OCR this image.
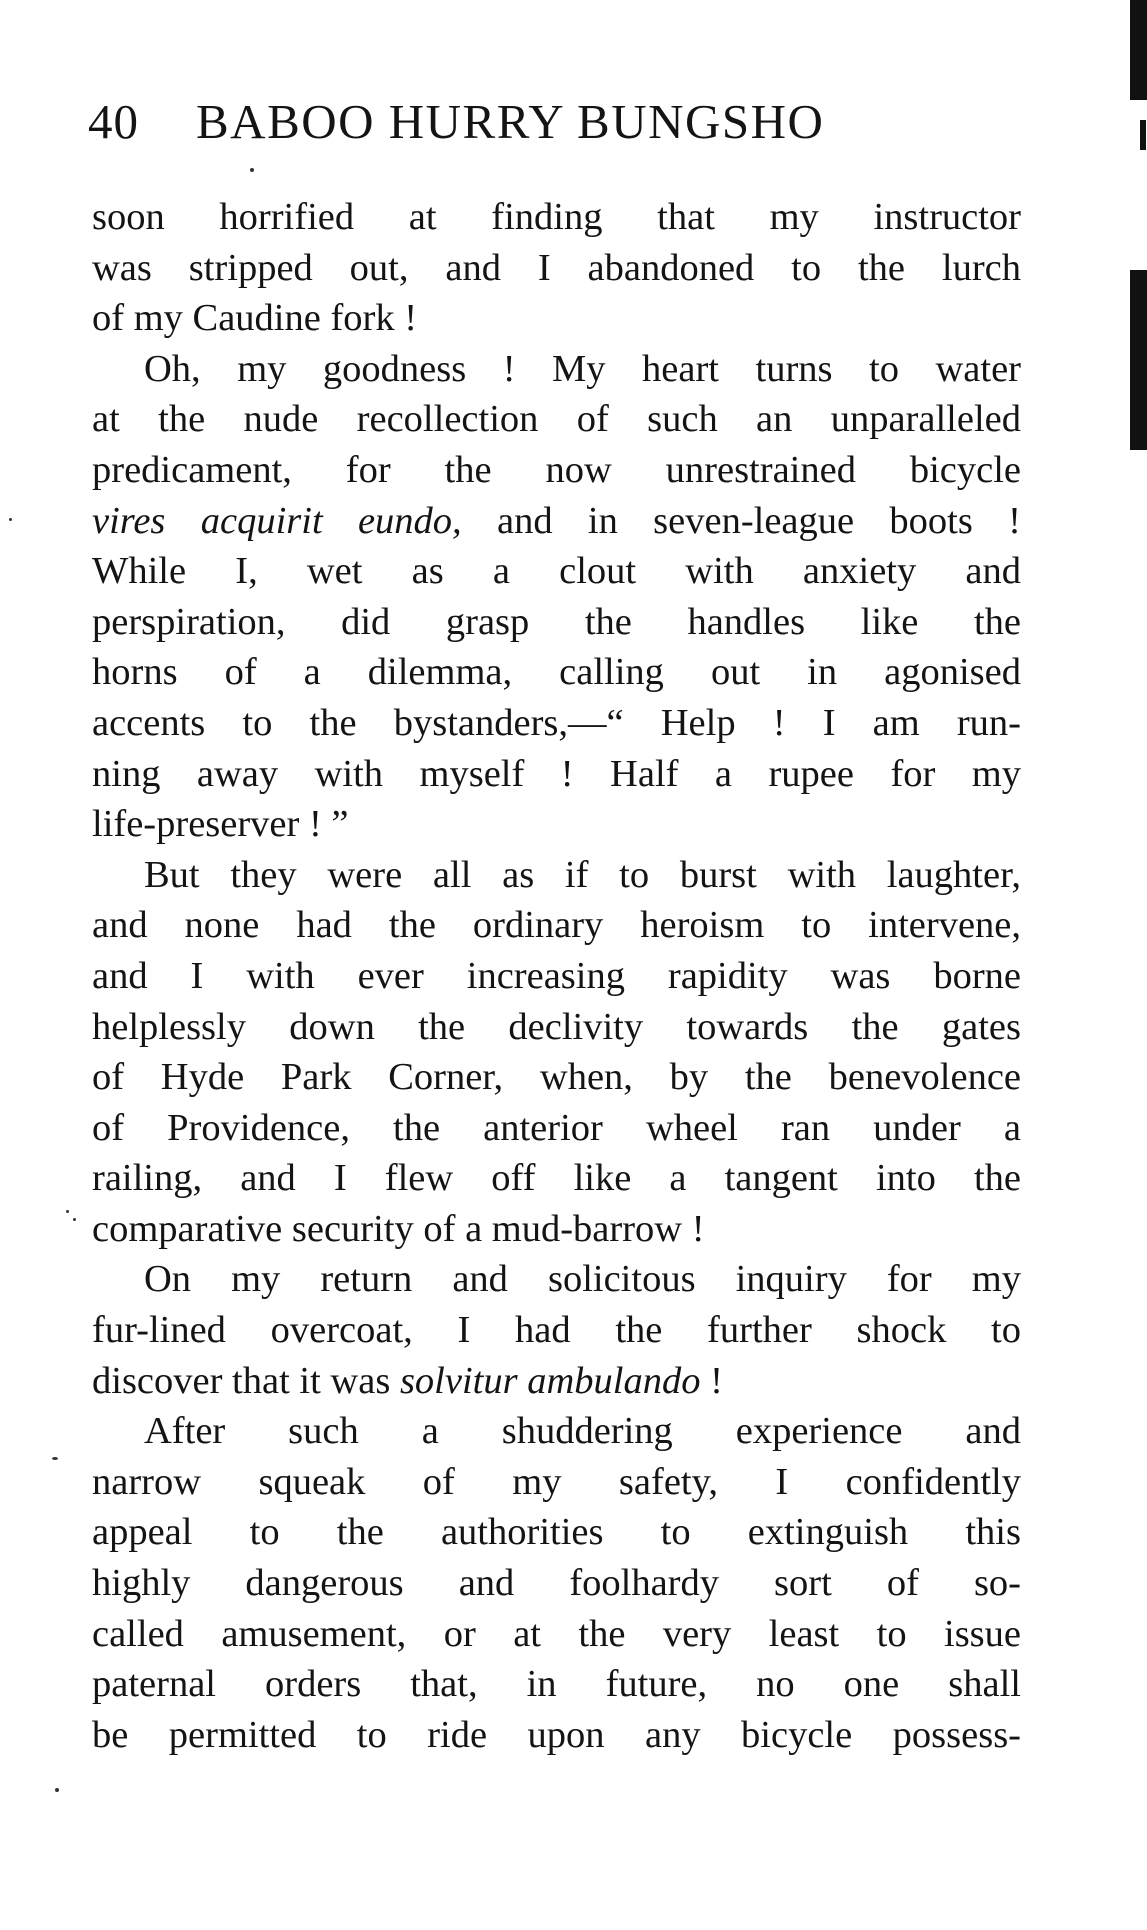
40 BABOO HURRY BUNGSHO
soon horrified at finding that my instructor
was stripped out, and I abandoned to the lurch
of my Caudine fork !
Oh, my goodness ! My heart turns to water
at the nude recollection of such an unparalleled
predicament, for the now unrestrained bicycle
vires acquirit eundo, and in seven-league boots !
While I, wet as a clout with anxiety and
perspiration, did grasp the handles like the
horns of a dilemma, calling out in agonised
accents to the bystanders,—“ Help ! I am run-
ning away with myself ! Half a rupee for my
life-preserver ! ”
But they were all as if to burst with laughter,
and none had the ordinary heroism to intervene,
and I with ever increasing rapidity was borne
helplessly down the declivity towards the gates
of Hyde Park Corner, when, by the benevolence
of Providence, the anterior wheel ran under a
railing, and I flew off like a tangent into the
comparative security of a mud-barrow !
On my return and solicitous inquiry for my
fur-lined overcoat, I had the further shock to
discover that it was solvitur ambulando !
After such a shuddering experience and
narrow squeak of my safety, I confidently
appeal to the authorities to extinguish this
highly dangerous and foolhardy sort of so-
called amusement, or at the very least to issue
paternal orders that, in future, no one shall
be permitted to ride upon any bicycle possess-
